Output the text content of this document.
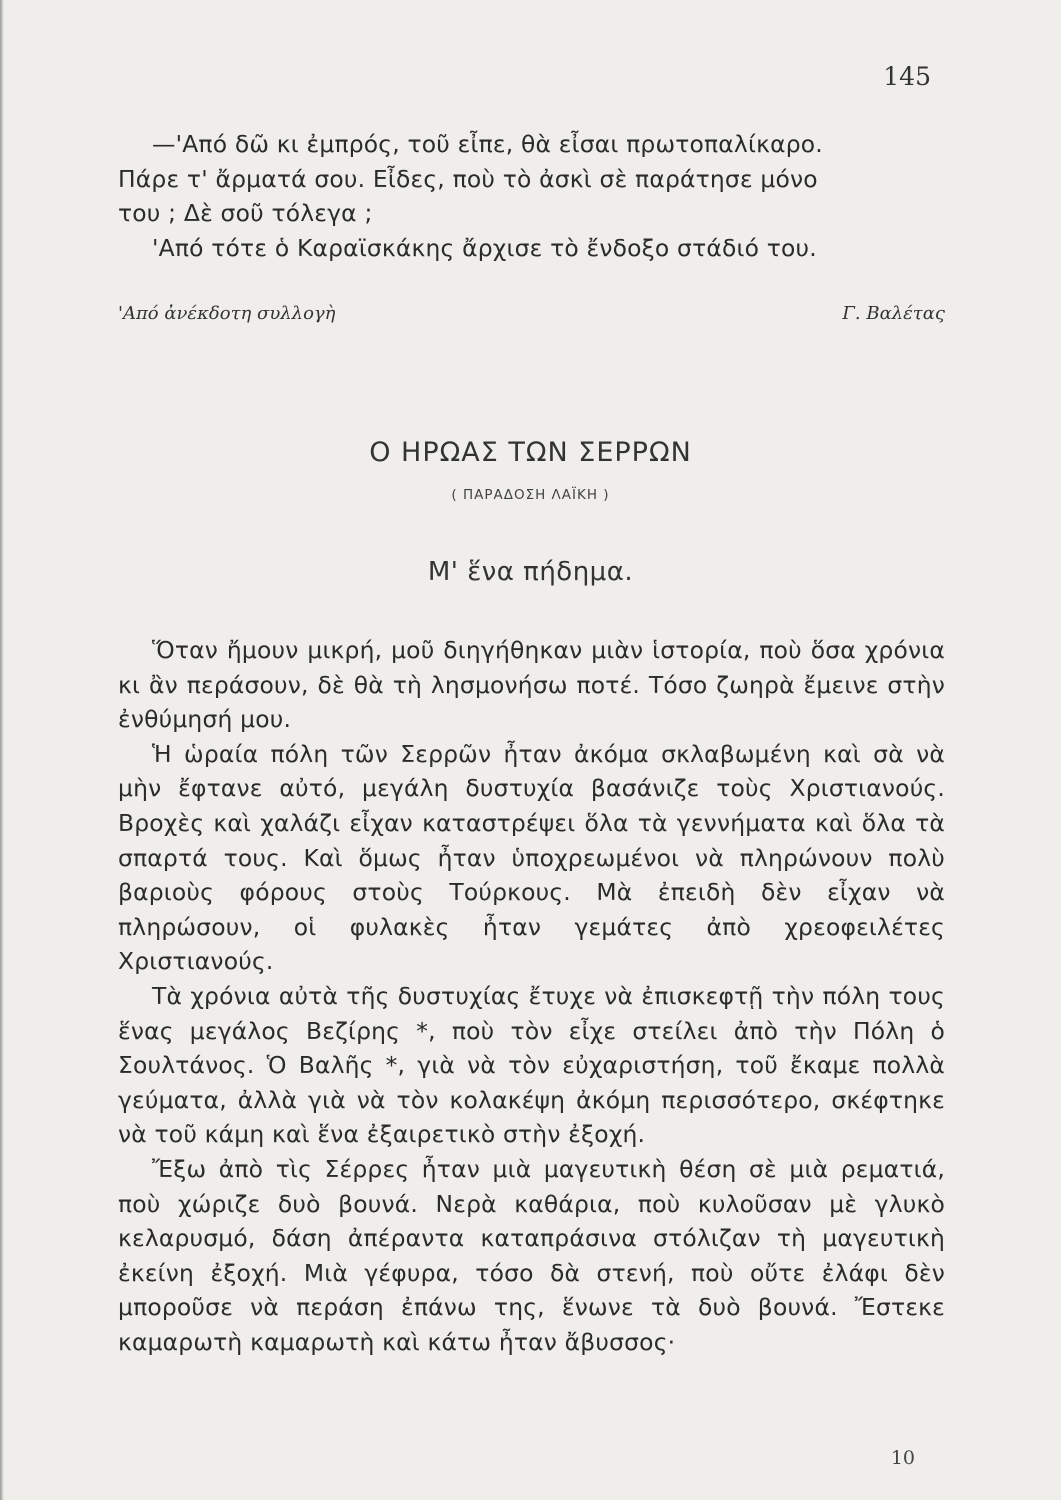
145

—'Από δῶ κι ἐμπρός, τοῦ εἶπε, θὰ εἶσαι πρωτοπαλίκαρο.

Πάρε τ' ἄρματά σου. Εἶδες, ποὺ τὸ ἀσκὶ σὲ παράτησε μόνο

του ; Δὲ σοῦ τόλεγα ;

'Από τότε ὁ Καραϊσκάκης ἄρχισε τὸ ἔνδοξο στάδιό του.

'Από ἀνέκδοτη συλλογὴ	Γ. Βαλέτας
Ο ΗΡΩΑΣ ΤΩΝ ΣΕΡΡΩΝ
( ΠΑΡΑΔΟΣΗ ΛΑΪΚΗ )
Μ' ἕνα πήδημα.

Ὅταν ἤμουν μικρή, μοῦ διηγήθηκαν μιὰν ἱστορία, ποὺ ὅσα χρόνια κι ἂν περάσουν, δὲ θὰ τὴ λησμονήσω ποτέ. Τόσο ζωηρὰ ἔμεινε στὴν ἐνθύμησή μου.

Ἡ ὡραία πόλη τῶν Σερρῶν ἦταν ἀκόμα σκλαβωμένη καὶ σὰ νὰ μὴν ἔφτανε αὐτό, μεγάλη δυστυχία βασάνιζε τοὺς Χριστιανούς. Βροχὲς καὶ χαλάζι εἶχαν καταστρέψει ὅλα τὰ γεννήματα καὶ ὅλα τὰ σπαρτά τους. Καὶ ὅμως ἦταν ὑποχρεωμένοι νὰ πληρώνουν πολὺ βαριοὺς φόρους στοὺς Τούρκους. Μὰ ἐπειδὴ δὲν εἶχαν νὰ πληρώσουν, οἱ φυλακὲς ἦταν γεμάτες ἀπὸ χρεοφειλέτες Χριστιανούς.

Τὰ χρόνια αὐτὰ τῆς δυστυχίας ἔτυχε νὰ ἐπισκεφτῇ τὴν πόλη τους ἕνας μεγάλος Βεζίρης *, ποὺ τὸν εἶχε στείλει ἀπὸ τὴν Πόλη ὁ Σουλτάνος. Ὁ Βαλῆς *, γιὰ νὰ τὸν εὐχαριστήση, τοῦ ἔκαμε πολλὰ γεύματα, ἀλλὰ γιὰ νὰ τὸν κολακέψη ἀκόμη περισσότερο, σκέφτηκε νὰ τοῦ κάμη καὶ ἕνα ἐξαιρετικὸ στὴν ἐξοχή.

Ἔξω ἀπὸ τὶς Σέρρες ἦταν μιὰ μαγευτικὴ θέση σὲ μιὰ ρεματιά, ποὺ χώριζε δυὸ βουνά. Νερὰ καθάρια, ποὺ κυλοῦσαν μὲ γλυκὸ κελαρυσμό, δάση ἀπέραντα καταπράσινα στόλιζαν τὴ μαγευτικὴ ἐκείνη ἐξοχή. Μιὰ γέφυρα, τόσο δὰ στενή, ποὺ οὔτε ἐλάφι δὲν μποροῦσε νὰ περάση ἐπάνω της, ἕνωνε τὰ δυὸ βουνά. Ἔστεκε καμαρωτὴ καμαρωτὴ καὶ κάτω ἦταν ἄβυσσος·

10
